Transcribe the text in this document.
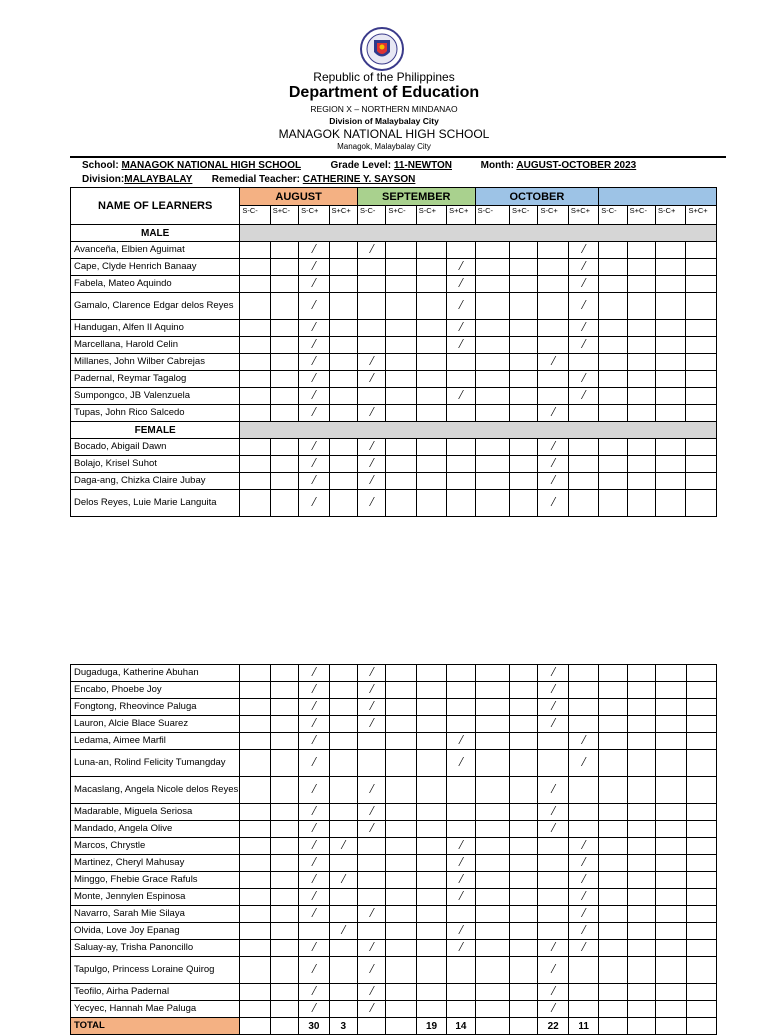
Republic of the Philippines
Department of Education
REGION X – NORTHERN MINDANAO
Division of Malaybalay City
MANAGOK NATIONAL HIGH SCHOOL
Managok, Malaybalay City
School: MANAGOK NATIONAL HIGH SCHOOL	Grade Level: 11-NEWTON	Month: AUGUST-OCTOBER 2023
Division:MALAYBALAY Remedial Teacher: CATHERINE Y. SAYSON
NAME OF LEARNERS	AUGUST				SEPTEMBER				OCTOBER							
	S-C-	S+C-	S-C+	S+C+	S-C-	S+C-	S-C+	S+C+	S-C-	S+C-	S-C+	S+C+	S-C-	S+C-	S-C+	S+C+
MALE																
Avanceña, Elbien Aguimat			/		/							/				
Cape, Clyde Henrich Banaay			/					/				/				
Fabela, Mateo Aquindo			/					/				/				
Gamalo, Clarence Edgar delos Reyes			/					/				/				
Handugan, Alfen II Aquino			/					/				/				
Marcellana, Harold Celin			/					/				/				
Millanes, John Wilber Cabrejas			/		/						/					
Padernal, Reymar Tagalog			/		/							/				
Sumpongco, JB Valenzuela			/					/				/				
Tupas, John Rico Salcedo			/		/						/					
FEMALE																
Bocado, Abigail Dawn			/		/						/					
Bolajo, Krisel Suhot			/		/						/					
Daga-ang, Chizka Claire Jubay			/		/						/					
Delos Reyes, Luie Marie Languita			/		/						/					
Dugaduga, Katherine Abuhan			/		/						/					
Encabo, Phoebe Joy			/		/						/					
Fongtong, Rheovince Paluga			/		/						/					
Lauron, Alcie Blace Suarez			/		/						/					
Ledama, Aimee Marfil			/					/				/				
Luna-an, Rolind Felicity Tumangday			/					/				/				
Macaslang, Angela Nicole delos Reyes			/		/						/					
Madarable, Miguela Seriosa			/		/						/					
Mandado, Angela Olive			/		/						/					
Marcos, Chrystle			/	/				/				/				
Martinez, Cheryl Mahusay			/					/				/				
Minggo, Fhebie Grace Rafuls			/	/				/				/				
Monte, Jennylen Espinosa			/					/				/				
Navarro, Sarah Mie Silaya			/		/							/				
Olvida, Love Joy Epanag				/				/				/				
Saluay-ay, Trisha Panoncillo			/		/			/			/	/				
Tapulgo, Princess Loraine Quirog			/		/						/					
Teofilo, Airha Padernal			/		/						/					
Yecyec, Hannah Mae Paluga			/		/						/					
TOTAL			30	3			19	14			22	11				
